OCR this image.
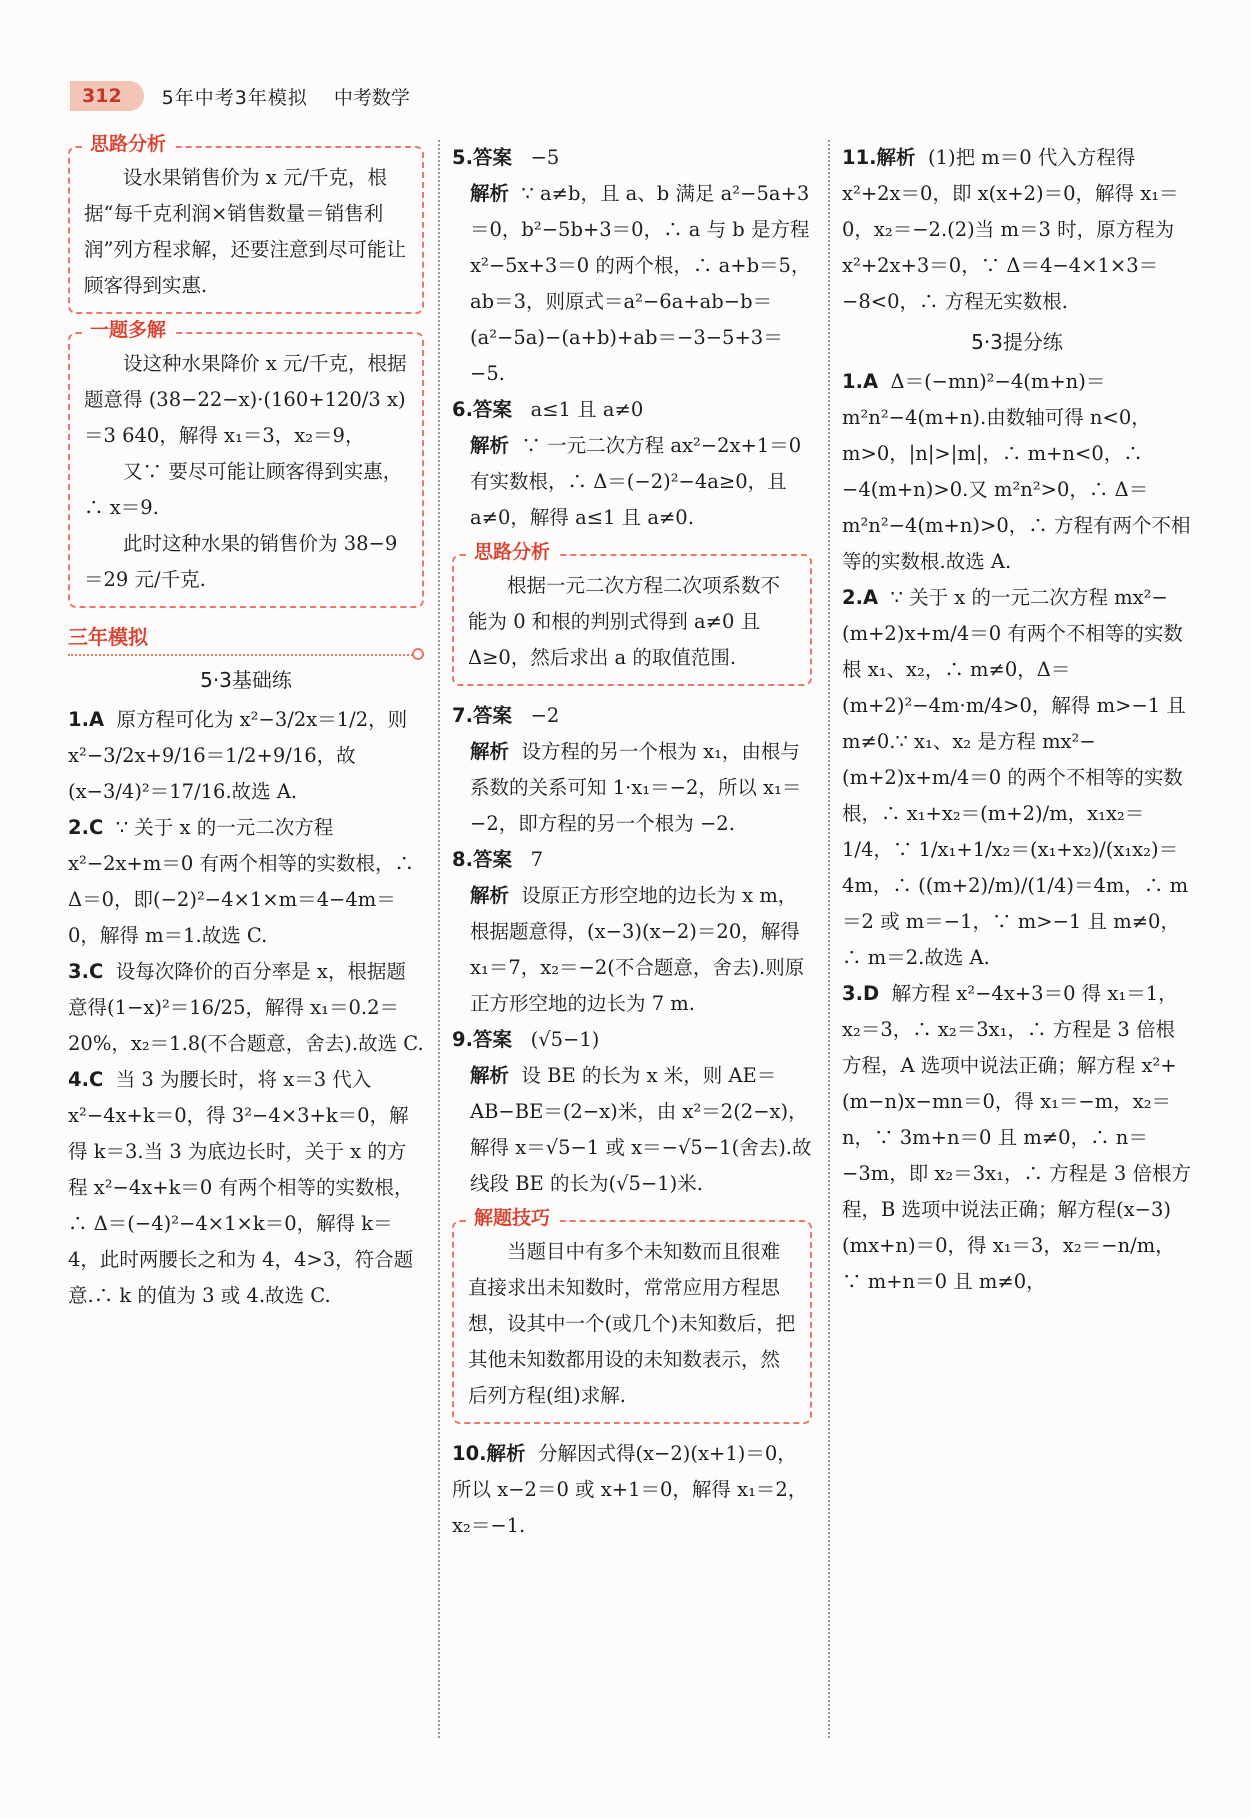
312	5年中考3年模拟 中考数学
思路分析

设水果销售价为 x 元/千克，根据“每千克利润×销售数量＝销售利润”列方程求解，还要注意到尽可能让顾客得到实惠.

一题多解

设这种水果降价 x 元/千克，根据题意得 (38−22−x)·(160+120/3 x)＝3 640，解得 x₁＝3，x₂＝9，

又∵ 要尽可能让顾客得到实惠，∴ x＝9.

此时这种水果的销售价为 38−9＝29 元/千克.

三年模拟
5·3基础练

1.A 原方程可化为 x²−3/2x＝1/2，则 x²−3/2x+9/16＝1/2+9/16，故 (x−3/4)²＝17/16.故选 A.

2.C ∵ 关于 x 的一元二次方程 x²−2x+m＝0 有两个相等的实数根，∴ Δ＝0，即(−2)²−4×1×m＝4−4m＝0，解得 m＝1.故选 C.

3.C 设每次降价的百分率是 x，根据题意得(1−x)²＝16/25，解得 x₁＝0.2＝20%，x₂＝1.8(不合题意，舍去).故选 C.

4.C 当 3 为腰长时，将 x＝3 代入 x²−4x+k＝0，得 3²−4×3+k＝0，解得 k＝3.当 3 为底边长时，关于 x 的方程 x²−4x+k＝0 有两个相等的实数根，∴ Δ＝(−4)²−4×1×k＝0，解得 k＝4，此时两腰长之和为 4，4>3，符合题意.∴ k 的值为 3 或 4.故选 C.

5.答案 −5

解析 ∵ a≠b，且 a、b 满足 a²−5a+3＝0，b²−5b+3＝0，∴ a 与 b 是方程 x²−5x+3＝0 的两个根，∴ a+b＝5，ab＝3，则原式＝a²−6a+ab−b＝(a²−5a)−(a+b)+ab＝−3−5+3＝−5.

6.答案 a≤1 且 a≠0

解析 ∵ 一元二次方程 ax²−2x+1＝0 有实数根，∴ Δ＝(−2)²−4a≥0，且 a≠0，解得 a≤1 且 a≠0.

思路分析

根据一元二次方程二次项系数不能为 0 和根的判别式得到 a≠0 且 Δ≥0，然后求出 a 的取值范围.

7.答案 −2

解析 设方程的另一个根为 x₁，由根与系数的关系可知 1·x₁＝−2，所以 x₁＝−2，即方程的另一个根为 −2.

8.答案 7

解析 设原正方形空地的边长为 x m，根据题意得，(x−3)(x−2)＝20，解得 x₁＝7，x₂＝−2(不合题意，舍去).则原正方形空地的边长为 7 m.

9.答案 (√5−1)

解析 设 BE 的长为 x 米，则 AE＝AB−BE＝(2−x)米，由 x²＝2(2−x)，解得 x＝√5−1 或 x＝−√5−1(舍去).故线段 BE 的长为(√5−1)米.

解题技巧

当题目中有多个未知数而且很难直接求出未知数时，常常应用方程思想，设其中一个(或几个)未知数后，把其他未知数都用设的未知数表示，然后列方程(组)求解.

10.解析 分解因式得(x−2)(x+1)＝0，所以 x−2＝0 或 x+1＝0，解得 x₁＝2，x₂＝−1.

11.解析 (1)把 m＝0 代入方程得 x²+2x＝0，即 x(x+2)＝0，解得 x₁＝0，x₂＝−2.(2)当 m＝3 时，原方程为 x²+2x+3＝0，∵ Δ＝4−4×1×3＝−8<0，∴ 方程无实数根.

5·3提分练

1.A Δ＝(−mn)²−4(m+n)＝m²n²−4(m+n).由数轴可得 n<0，m>0，|n|>|m|，∴ m+n<0，∴ −4(m+n)>0.又 m²n²>0，∴ Δ＝m²n²−4(m+n)>0，∴ 方程有两个不相等的实数根.故选 A.

2.A ∵ 关于 x 的一元二次方程 mx²−(m+2)x+m/4＝0 有两个不相等的实数根 x₁、x₂，∴ m≠0，Δ＝(m+2)²−4m·m/4>0，解得 m>−1 且 m≠0.∵ x₁、x₂ 是方程 mx²−(m+2)x+m/4＝0 的两个不相等的实数根，∴ x₁+x₂＝(m+2)/m，x₁x₂＝1/4，∵ 1/x₁+1/x₂＝(x₁+x₂)/(x₁x₂)＝4m，∴ ((m+2)/m)/(1/4)＝4m，∴ m＝2 或 m＝−1，∵ m>−1 且 m≠0，∴ m＝2.故选 A.

3.D 解方程 x²−4x+3＝0 得 x₁＝1，x₂＝3，∴ x₂＝3x₁，∴ 方程是 3 倍根方程，A 选项中说法正确；解方程 x²+(m−n)x−mn＝0，得 x₁＝−m，x₂＝n，∵ 3m+n＝0 且 m≠0，∴ n＝−3m，即 x₂＝3x₁，∴ 方程是 3 倍根方程，B 选项中说法正确；解方程(x−3)(mx+n)＝0，得 x₁＝3，x₂＝−n/m，∵ m+n＝0 且 m≠0，
